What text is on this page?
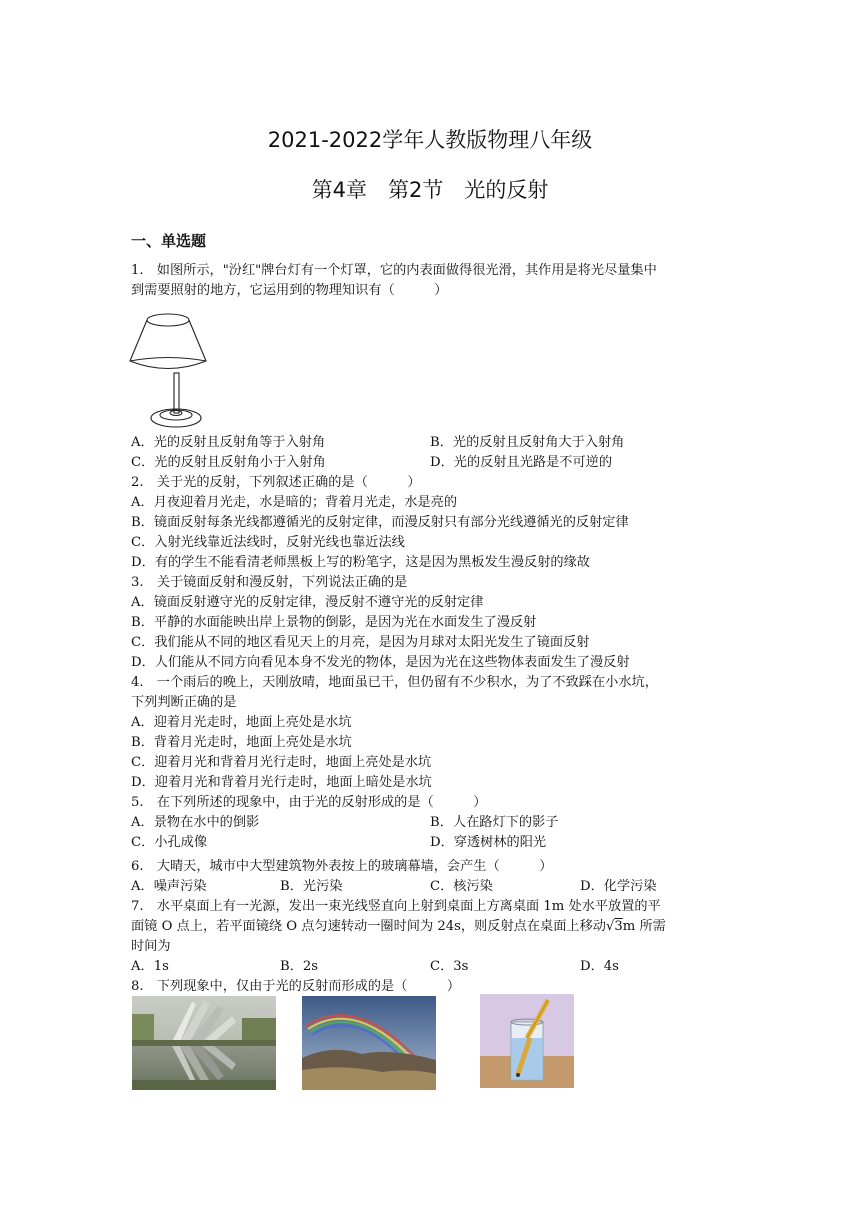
2021-2022学年人教版物理八年级
第4章　第2节　光的反射
一、单选题
1.　如图所示，"汾红"牌台灯有一个灯罩，它的内表面做得很光滑，其作用是将光尽量集中
到需要照射的地方，它运用到的物理知识有（　　　）
A．光的反射且反射角等于入射角	B．光的反射且反射角大于入射角
C．光的反射且反射角小于入射角	D．光的反射且光路是不可逆的
2.　关于光的反射，下列叙述正确的是（　　　）
A．月夜迎着月光走，水是暗的；背着月光走，水是亮的
B．镜面反射每条光线都遵循光的反射定律，而漫反射只有部分光线遵循光的反射定律
C．入射光线靠近法线时，反射光线也靠近法线
D．有的学生不能看清老师黑板上写的粉笔字，这是因为黑板发生漫反射的缘故
3.　关于镜面反射和漫反射，下列说法正确的是
A．镜面反射遵守光的反射定律，漫反射不遵守光的反射定律
B．平静的水面能映出岸上景物的倒影，是因为光在水面发生了漫反射
C．我们能从不同的地区看见天上的月亮，是因为月球对太阳光发生了镜面反射
D．人们能从不同方向看见本身不发光的物体，是因为光在这些物体表面发生了漫反射
4.　一个雨后的晚上，天刚放晴，地面虽已干，但仍留有不少积水，为了不致踩在小水坑，
下列判断正确的是
A．迎着月光走时，地面上亮处是水坑
B．背着月光走时，地面上亮处是水坑
C．迎着月光和背着月光行走时，地面上亮处是水坑
D．迎着月光和背着月光行走时，地面上暗处是水坑
5.　在下列所述的现象中，由于光的反射形成的是（　　　）
A．景物在水中的倒影	B．人在路灯下的影子
C．小孔成像	D．穿透树林的阳光
6.　大晴天，城市中大型建筑物外表按上的玻璃幕墙，会产生（　　　）
A．噪声污染	B．光污染	C．核污染	D．化学污染
7.　水平桌面上有一光源，发出一束光线竖直向上射到桌面上方离桌面 1m 处水平放置的平
面镜 O 点上，若平面镜绕 O 点匀速转动一圈时间为 24s，则反射点在桌面上移动√3m 所需
时间为
A．1s	B．2s	C．3s	D．4s
8.　下列现象中，仅由于光的反射而形成的是（　　　）
